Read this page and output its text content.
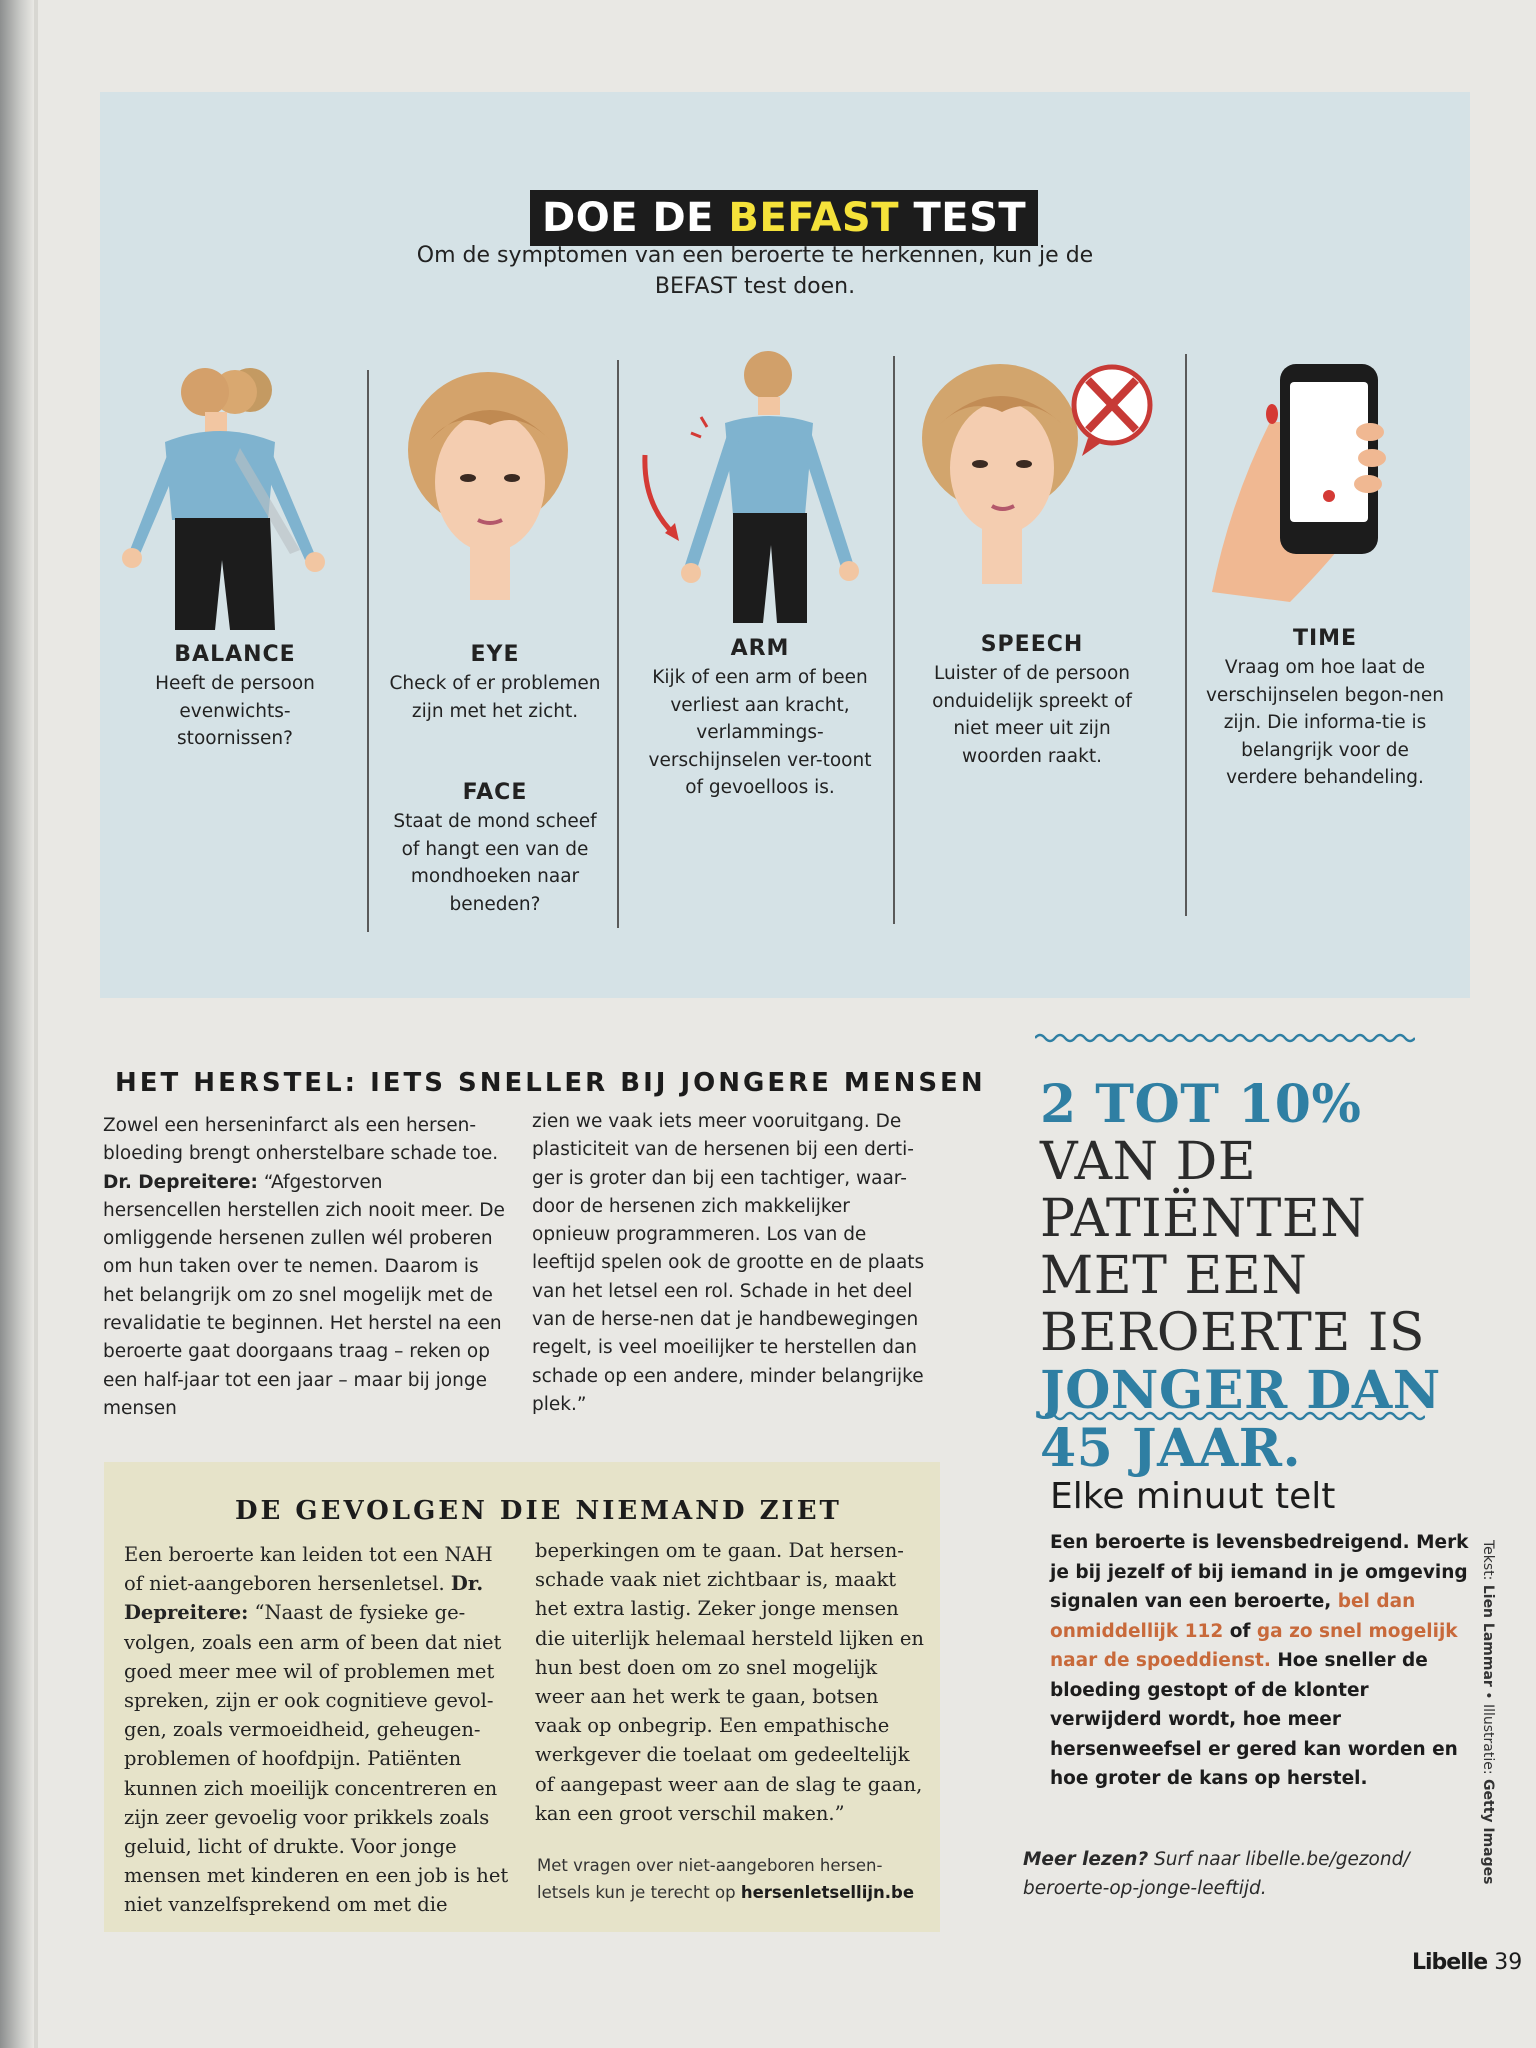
DOE DE BEFAST TEST
Om de symptomen van een beroerte te herkennen, kun je de BEFAST test doen.
BALANCE
Heeft de persoon evenwichts-stoornissen?
EYE
Check of er problemen zijn met het zicht.
FACE
Staat de mond scheef of hangt een van de mondhoeken naar beneden?
ARM
Kijk of een arm of been verliest aan kracht, verlammings-verschijnselen ver-toont of gevoelloos is.
SPEECH
Luister of de persoon onduidelijk spreekt of niet meer uit zijn woorden raakt.
TIME
Vraag om hoe laat de verschijnselen begon-nen zijn. Die informa-tie is belangrijk voor de verdere behandeling.
HET HERSTEL: IETS SNELLER BIJ JONGERE MENSEN
Zowel een herseninfarct als een hersen-bloeding brengt onherstelbare schade toe. Dr. Depreitere: “Afgestorven hersencellen herstellen zich nooit meer. De omliggende hersenen zullen wél proberen om hun taken over te nemen. Daarom is het belangrijk om zo snel mogelijk met de revalidatie te beginnen. Het herstel na een beroerte gaat doorgaans traag – reken op een half-jaar tot een jaar – maar bij jonge mensen
zien we vaak iets meer vooruitgang. De plasticiteit van de hersenen bij een derti-ger is groter dan bij een tachtiger, waar-door de hersenen zich makkelijker opnieuw programmeren. Los van de leeftijd spelen ook de grootte en de plaats van het letsel een rol. Schade in het deel van de herse-nen dat je handbewegingen regelt, is veel moeilijker te herstellen dan schade op een andere, minder belangrijke plek.”
2 TOT 10% VAN DE PATIËNTEN MET EEN BEROERTE IS JONGER DAN 45 JAAR.
DE GEVOLGEN DIE NIEMAND ZIET
Een beroerte kan leiden tot een NAH of niet-aangeboren hersenletsel. Dr. Depreitere: “Naast de fysieke ge-volgen, zoals een arm of been dat niet goed meer mee wil of problemen met spreken, zijn er ook cognitieve gevol-gen, zoals vermoeidheid, geheugen-problemen of hoofdpijn. Patiënten kunnen zich moeilijk concentreren en zijn zeer gevoelig voor prikkels zoals geluid, licht of drukte. Voor jonge mensen met kinderen en een job is het niet vanzelfsprekend om met die
beperkingen om te gaan. Dat hersen-schade vaak niet zichtbaar is, maakt het extra lastig. Zeker jonge mensen die uiterlijk helemaal hersteld lijken en hun best doen om zo snel mogelijk weer aan het werk te gaan, botsen vaak op onbegrip. Een empathische werkgever die toelaat om gedeeltelijk of aangepast weer aan de slag te gaan, kan een groot verschil maken.”
Met vragen over niet-aangeboren hersen-letsels kun je terecht op hersenletsellijn.be
Elke minuut telt
Een beroerte is levensbedreigend. Merk je bij jezelf of bij iemand in je omgeving signalen van een beroerte, bel dan onmiddellijk 112 of ga zo snel mogelijk naar de spoeddienst. Hoe sneller de bloeding gestopt of de klonter verwijderd wordt, hoe meer hersenweefsel er gered kan worden en hoe groter de kans op herstel.
Meer lezen? Surf naar libelle.be/gezond/ beroerte-op-jonge-leeftijd.
Tekst: Lien Lammar • Illustratie: Getty Images
Libelle 39
